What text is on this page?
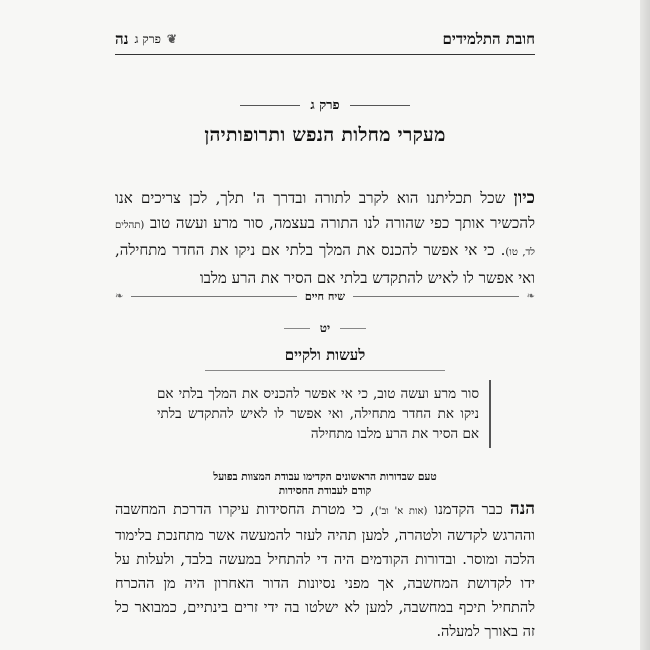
חובת התלמידים
❦
פרק ג
נה
פרק ג
מעקרי מחלות הנפש ותרופותיהן
כיון שכל תכליתנו הוא לקרב לתורה ובדרך ה' תלך, לכן צריכים אנו להכשיר אותך כפי שהורה לנו התורה בעצמה, סור מרע ועשה טוב (תהלים לד, טו). כי אי אפשר להכנס את המלך בלתי אם ניקו את החדר מתחילה, ואי אפשר לו לאיש להתקדש בלתי אם הסיר את הרע מלבו
❧
שיח חיים
❧
יט
לעשות ולקיים
סור מרע ועשה טוב, כי אי אפשר להכניס את המלך בלתי אם ניקו את החדר מתחילה, ואי אפשר לו לאיש להתקדש בלתי אם הסיר את הרע מלבו מתחילה
טעם שבדורות הראשונים הקדימו עבודת המצוות בפועל
קודם לעבודת החסידות
הנה כבר הקדמנו (אות א' וב'), כי מטרת החסידות עיקרו הדרכת המחשבה וההרגש לקדשה ולטהרה, למען תהיה לעזר להמעשה אשר מתחנכת בלימוד הלכה ומוסר. ובדורות הקודמים היה די להתחיל במעשה בלבד, ולעלות על ידו לקדושת המחשבה, אך מפני נסיונות הדור האחרון היה מן ההכרח להתחיל תיכף במחשבה, למען לא ישלטו בה ידי זרים בינתיים, כמבואר כל זה באורך למעלה.
